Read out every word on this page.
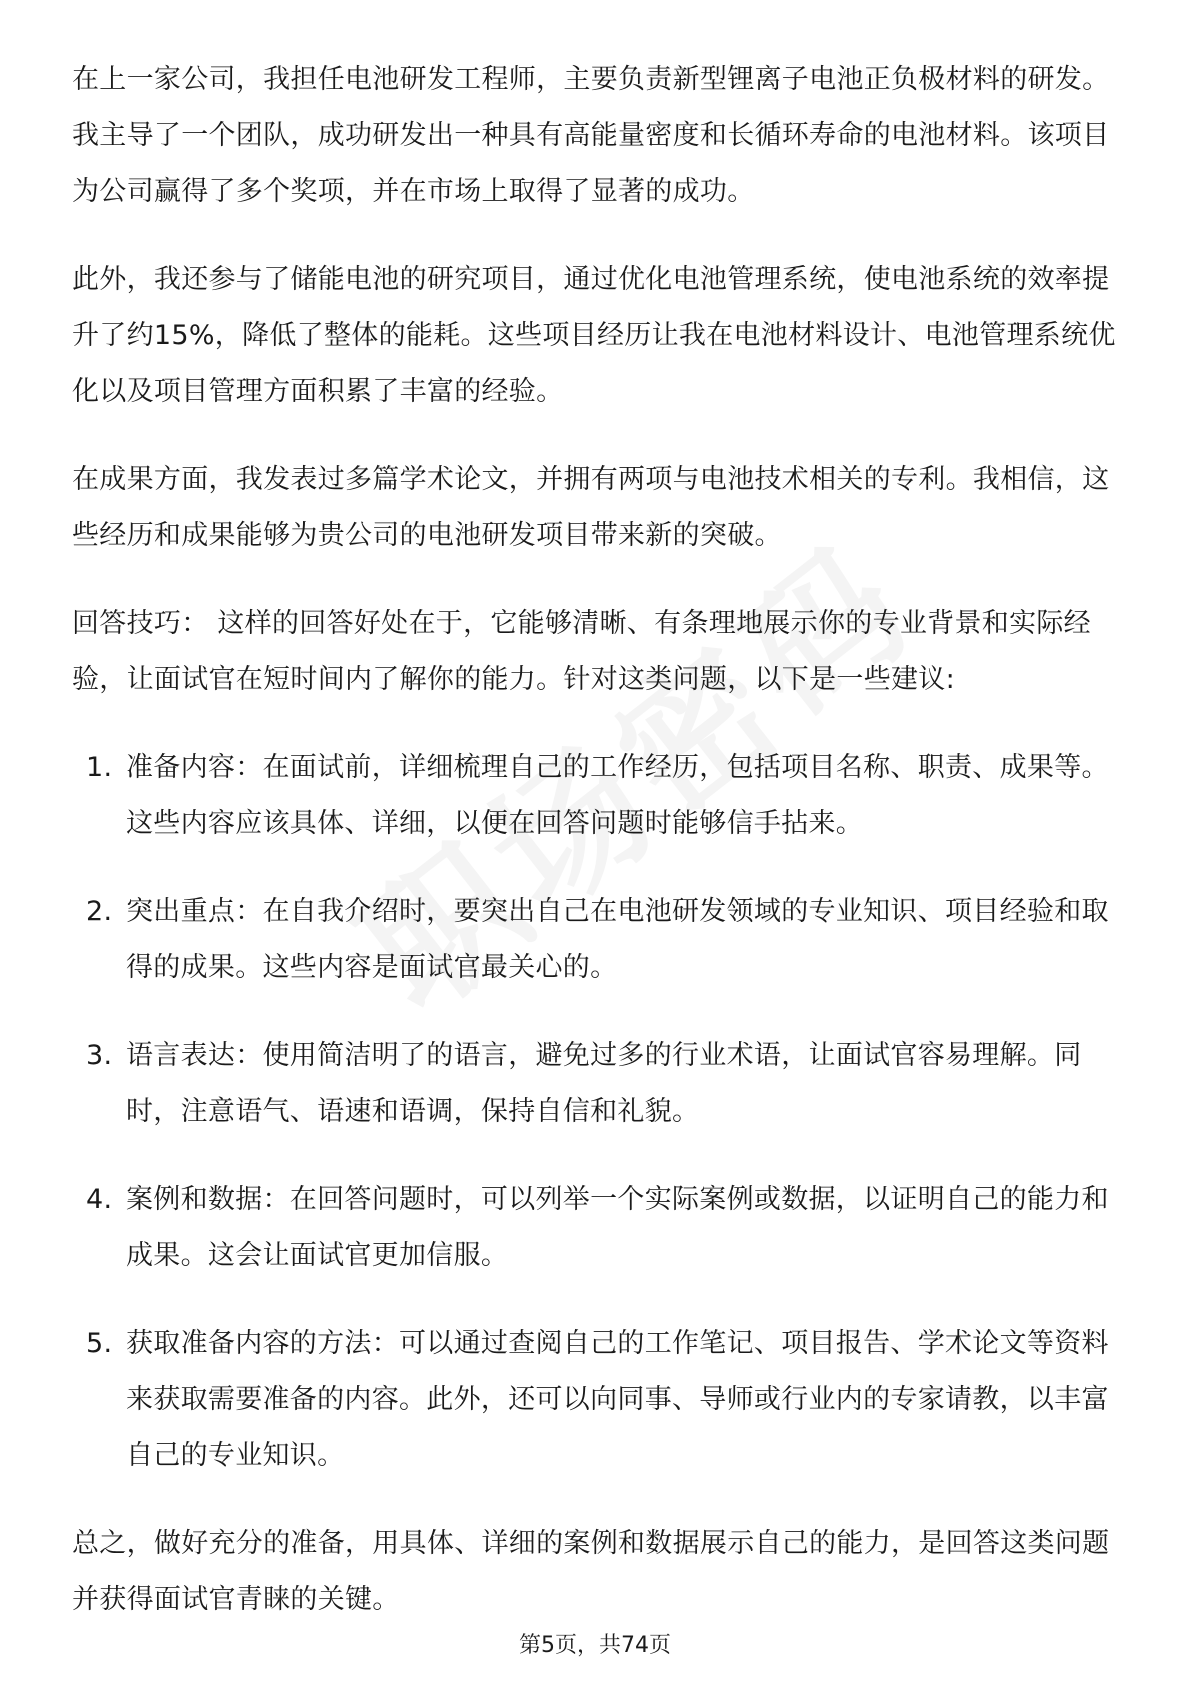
在上一家公司，我担任电池研发工程师，主要负责新型锂离子电池正负极材料的研发。我主导了一个团队，成功研发出一种具有高能量密度和长循环寿命的电池材料。该项目为公司赢得了多个奖项，并在市场上取得了显著的成功。

此外，我还参与了储能电池的研究项目，通过优化电池管理系统，使电池系统的效率提升了约15%，降低了整体的能耗。这些项目经历让我在电池材料设计、电池管理系统优化以及项目管理方面积累了丰富的经验。

在成果方面，我发表过多篇学术论文，并拥有两项与电池技术相关的专利。我相信，这些经历和成果能够为贵公司的电池研发项目带来新的突破。

回答技巧： 这样的回答好处在于，它能够清晰、有条理地展示你的专业背景和实际经验，让面试官在短时间内了解你的能力。针对这类问题，以下是一些建议:

1. 准备内容：在面试前，详细梳理自己的工作经历，包括项目名称、职责、成果等。这些内容应该具体、详细，以便在回答问题时能够信手拈来。
2. 突出重点：在自我介绍时，要突出自己在电池研发领域的专业知识、项目经验和取得的成果。这些内容是面试官最关心的。
3. 语言表达：使用简洁明了的语言，避免过多的行业术语，让面试官容易理解。同时，注意语气、语速和语调，保持自信和礼貌。
4. 案例和数据：在回答问题时，可以列举一个实际案例或数据，以证明自己的能力和成果。这会让面试官更加信服。
5. 获取准备内容的方法：可以通过查阅自己的工作笔记、项目报告、学术论文等资料来获取需要准备的内容。此外，还可以向同事、导师或行业内的专家请教，以丰富自己的专业知识。

总之，做好充分的准备，用具体、详细的案例和数据展示自己的能力，是回答这类问题并获得面试官青睐的关键。

第5页，共74页
